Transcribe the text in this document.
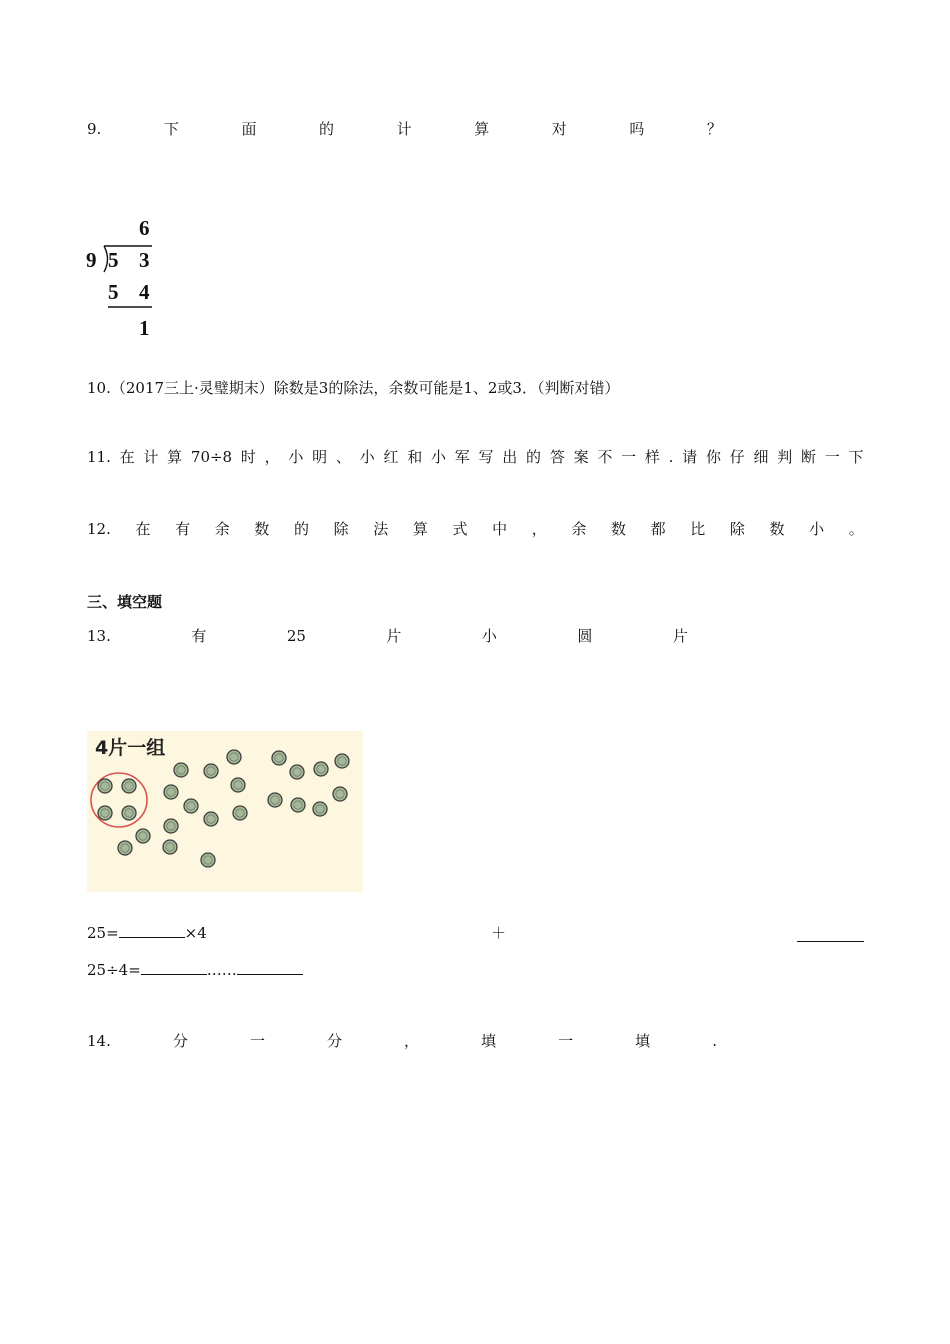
9.	下	面	的	计	算	对	吗	？
6
9 5 3
5 4
1
10.（2017三上·灵璧期末）除数是3的除法，余数可能是1、2或3．（判断对错）
11. 在 计 算 70÷8 时 ， 小 明 、 小 红 和 小 军 写 出 的 答 案 不 一 样 . 请 你 仔 细 判 断 一 下
12. 在 有 余 数 的 除 法 算 式 中 ， 余 数 都 比 除 数 小 。
三、填空题
13.	有	25	片	小	圆	片
4片一组
25=	×4	＋
25÷4=	……
14.	分	一	分	，	填	一	填	.
